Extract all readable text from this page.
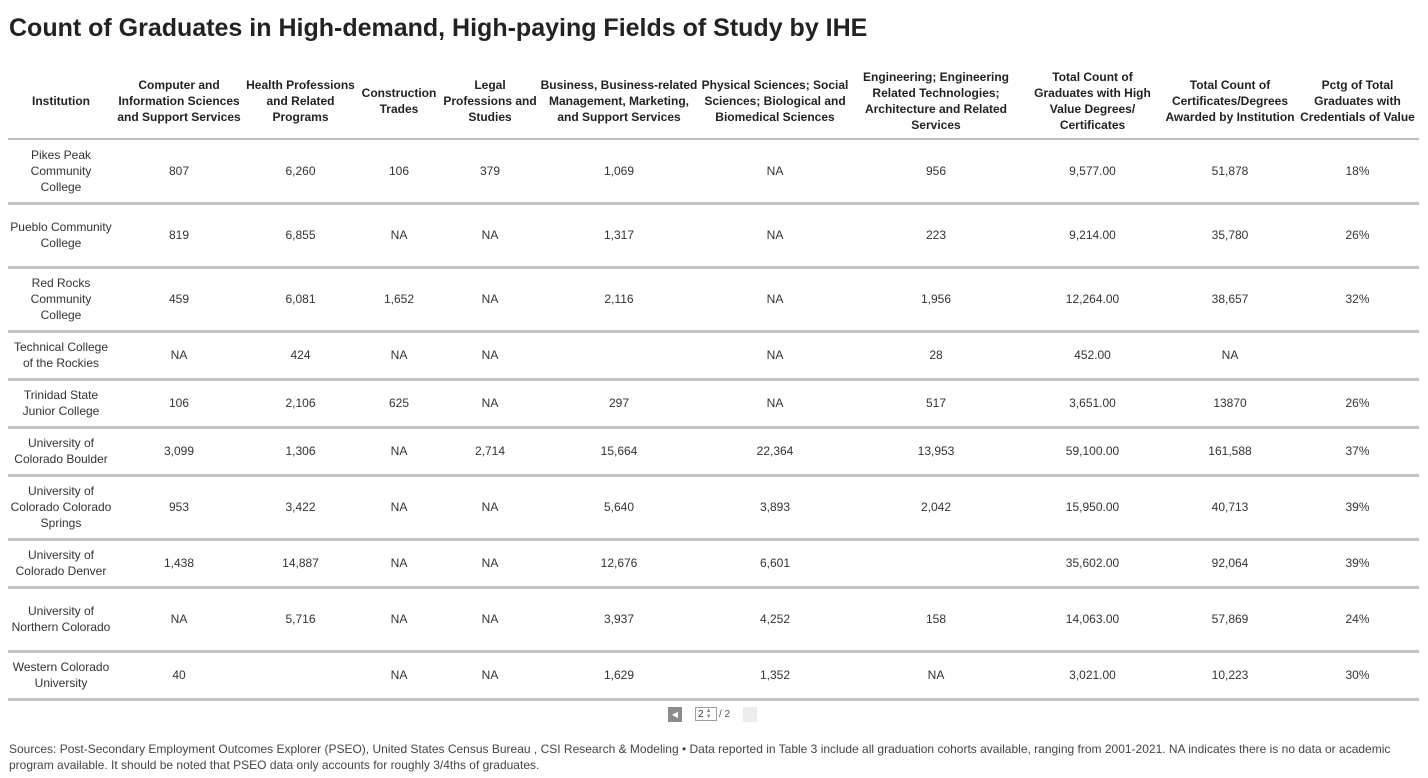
Count of Graduates in High-demand, High-paying Fields of Study by IHE
Institution	Computer and Information Sciences and Support Services	Health Professions and Related Programs	Construction Trades	Legal Professions and Studies	Business, Business-related Management, Marketing, and Support Services	Physical Sciences; Social Sciences; Biological and Biomedical Sciences	Engineering; Engineering Related Technologies; Architecture and Related Services	Total Count of Graduates with High Value Degrees/ Certificates	Total Count of Certificates/Degrees Awarded by Institution	Pctg of Total Graduates with Credentials of Value
Pikes Peak Community College	807	6,260	106	379	1,069	NA	956	9,577.00	51,878	18%
Pueblo Community College	819	6,855	NA	NA	1,317	NA	223	9,214.00	35,780	26%
Red Rocks Community College	459	6,081	1,652	NA	2,116	NA	1,956	12,264.00	38,657	32%
Technical College of the Rockies	NA	424	NA	NA		NA	28	452.00	NA	
Trinidad State Junior College	106	2,106	625	NA	297	NA	517	3,651.00	13870	26%
University of Colorado Boulder	3,099	1,306	NA	2,714	15,664	22,364	13,953	59,100.00	161,588	37%
University of Colorado Colorado Springs	953	3,422	NA	NA	5,640	3,893	2,042	15,950.00	40,713	39%
University of Colorado Denver	1,438	14,887	NA	NA	12,676	6,601		35,602.00	92,064	39%
University of Northern Colorado	NA	5,716	NA	NA	3,937	4,252	158	14,063.00	57,869	24%
Western Colorado University	40		NA	NA	1,629	1,352	NA	3,021.00	10,223	30%
◀ 2 ▲
▼ / 2

Sources: Post-Secondary Employment Outcomes Explorer (PSEO), United States Census Bureau , CSI Research & Modeling • Data reported in Table 3 include all graduation cohorts available, ranging from 2001-2021. NA indicates there is no data or academic program available. It should be noted that PSEO data only accounts for roughly 3/4ths of graduates.
